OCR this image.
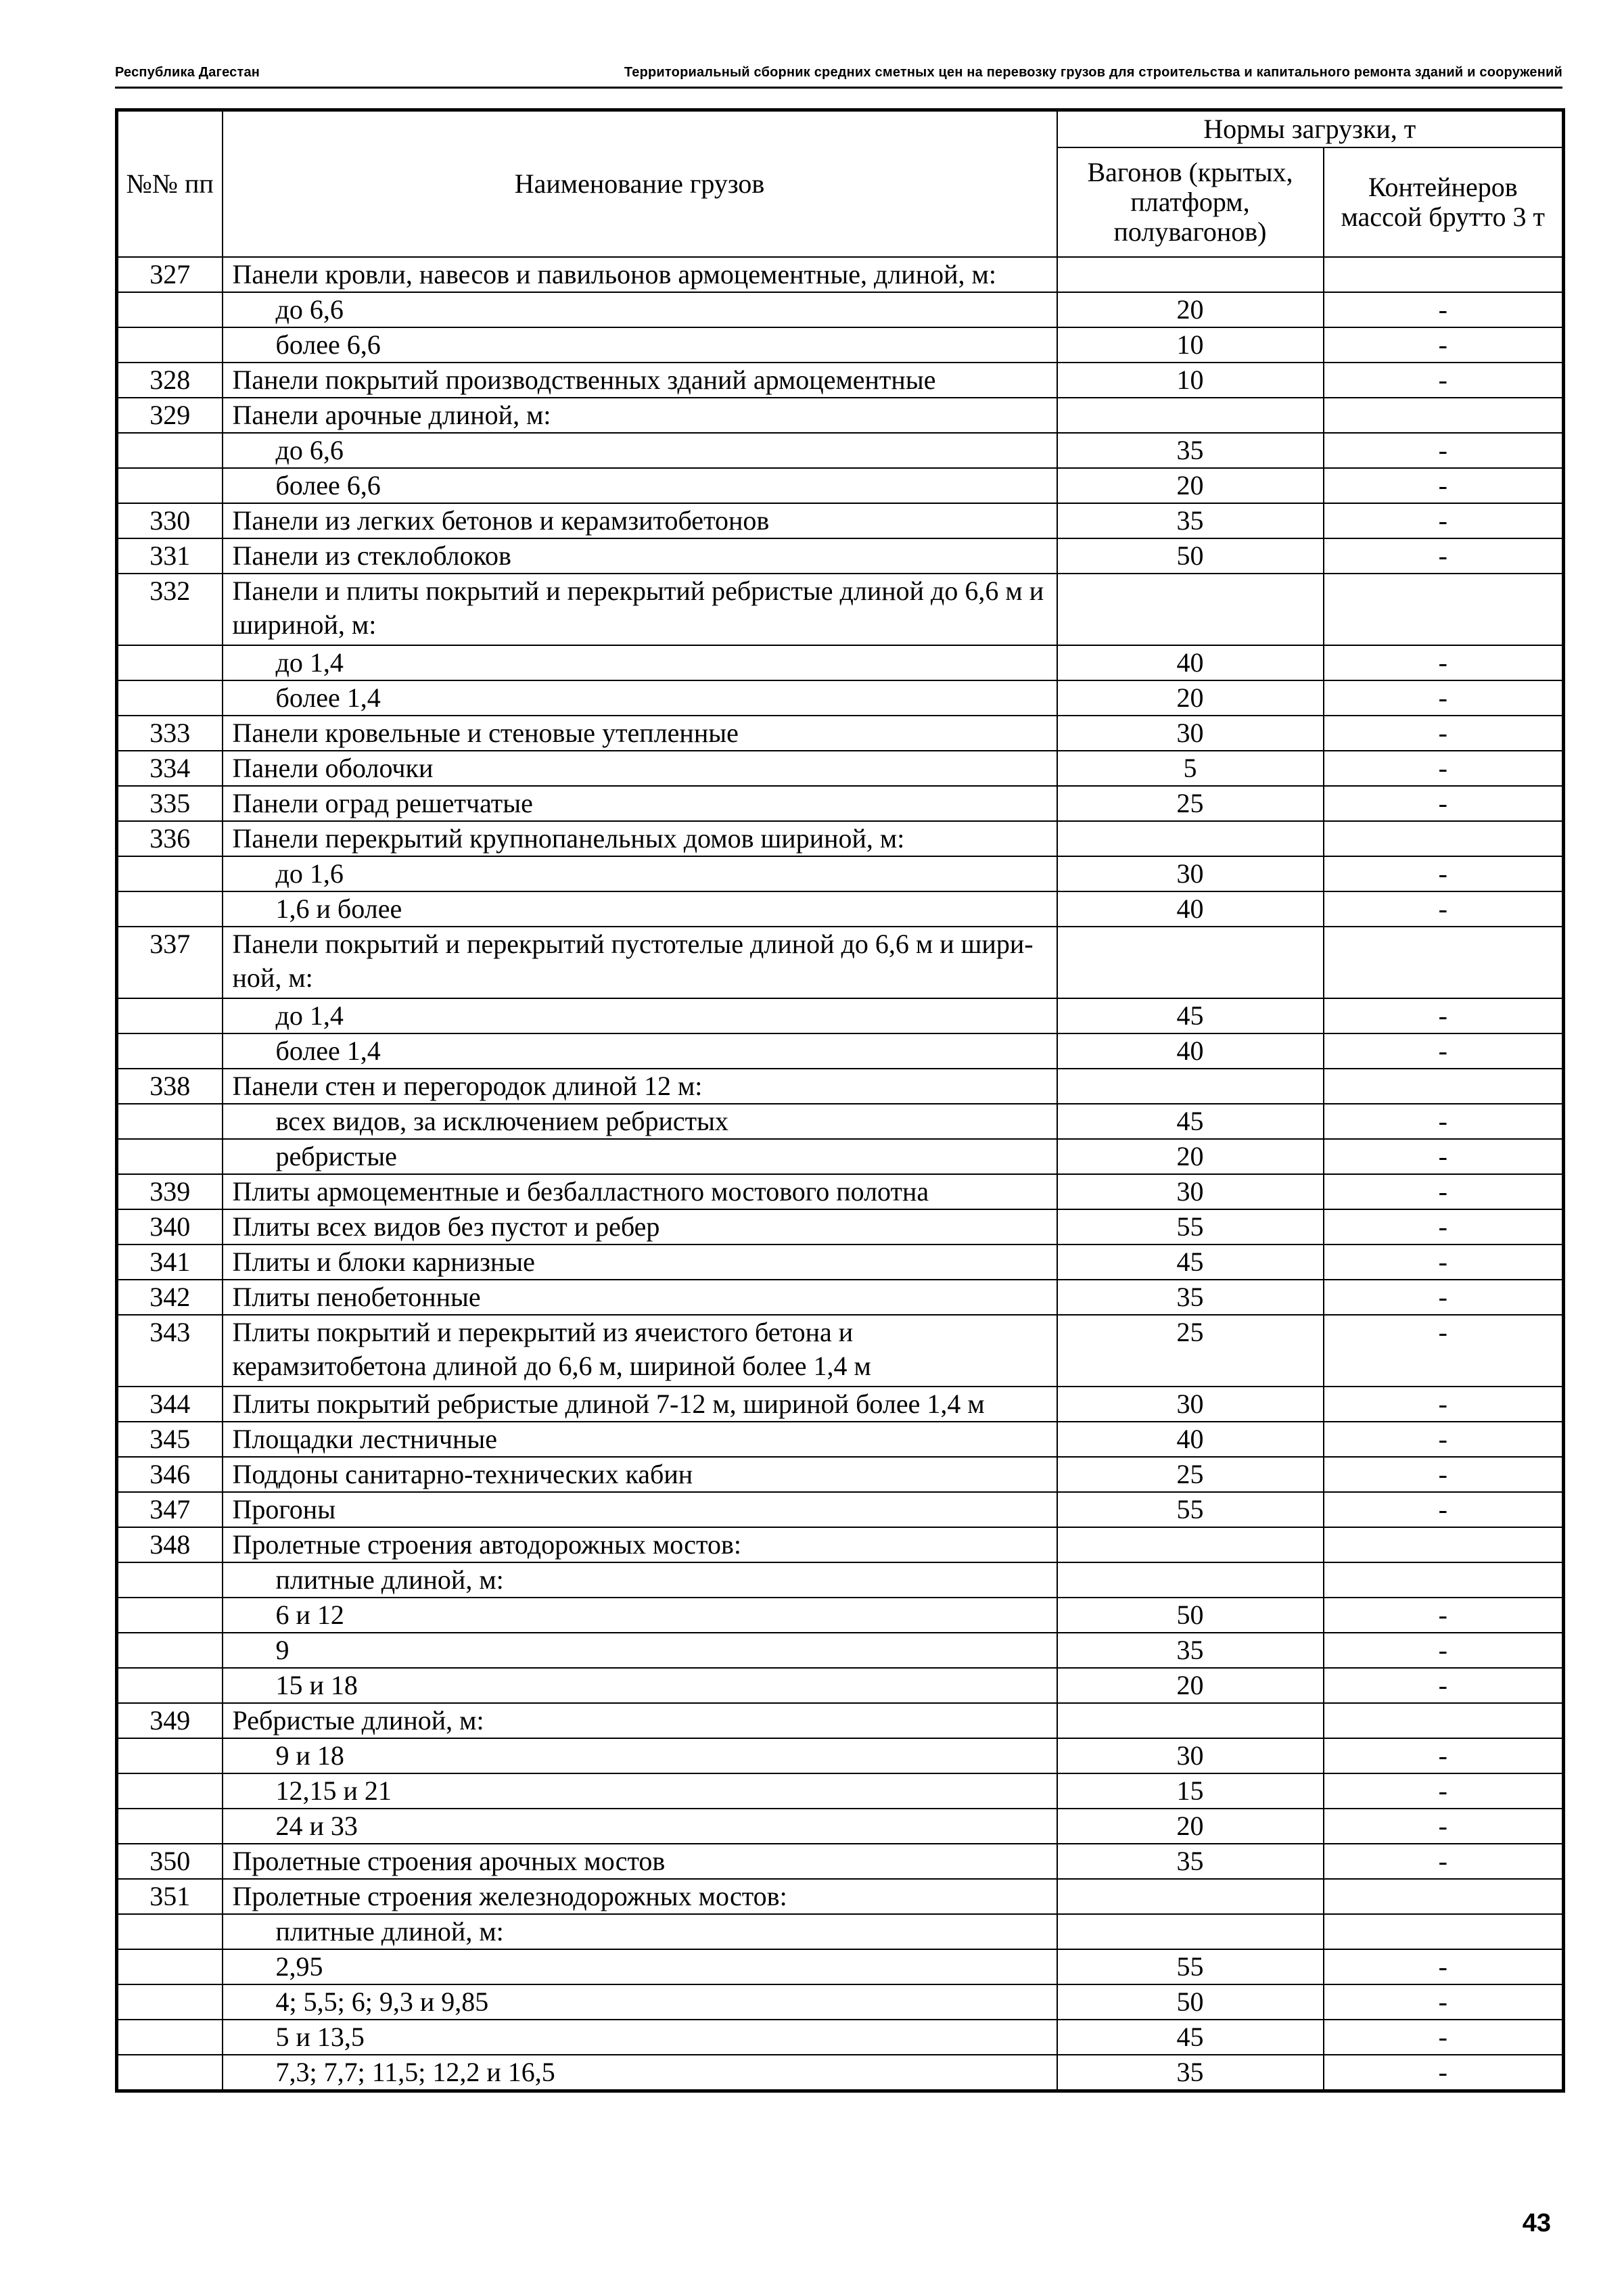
Республика Дагестан	Территориальный сборник средних сметных цен на перевозку грузов для строительства и капитального ремонта зданий и сооружений
№№ пп	Наименование грузов	Нормы загрузки, т	
		Вагонов (крытых, платформ, полувагонов)	Контейнеров массой брутто 3 т
327	Панели кровли, навесов и павильонов армоцементные, длиной, м:		
	до 6,6	20	-
	более 6,6	10	-
328	Панели покрытий производственных зданий армоцементные	10	-
329	Панели арочные длиной, м:		
	до 6,6	35	-
	более 6,6	20	-
330	Панели из легких бетонов и керамзитобетонов	35	-
331	Панели из стеклоблоков	50	-
332	Панели и плиты покрытий и перекрытий ребристые длиной до 6,6 м и шириной, м:		
	до 1,4	40	-
	более 1,4	20	-
333	Панели кровельные и стеновые утепленные	30	-
334	Панели оболочки	5	-
335	Панели оград решетчатые	25	-
336	Панели перекрытий крупнопанельных домов шириной, м:		
	до 1,6	30	-
	1,6 и более	40	-
337	Панели покрытий и перекрытий пустотелые длиной до 6,6 м и шири-ной, м:		
	до 1,4	45	-
	более 1,4	40	-
338	Панели стен и перегородок длиной 12 м:		
	всех видов, за исключением ребристых	45	-
	ребристые	20	-
339	Плиты армоцементные и безбалластного мостового полотна	30	-
340	Плиты всех видов без пустот и ребер	55	-
341	Плиты и блоки карнизные	45	-
342	Плиты пенобетонные	35	-
343	Плиты покрытий и перекрытий из ячеистого бетона и керамзитобетона длиной до 6,6 м, шириной более 1,4 м	25	-
344	Плиты покрытий ребристые длиной 7-12 м, шириной более 1,4 м	30	-
345	Площадки лестничные	40	-
346	Поддоны санитарно-технических кабин	25	-
347	Прогоны	55	-
348	Пролетные строения автодорожных мостов:		
	плитные длиной, м:		
	6 и 12	50	-
	9	35	-
	15 и 18	20	-
349	Ребристые длиной, м:		
	9 и 18	30	-
	12,15 и 21	15	-
	24 и 33	20	-
350	Пролетные строения арочных мостов	35	-
351	Пролетные строения железнодорожных мостов:		
	плитные длиной, м:		
	2,95	55	-
	4; 5,5; 6; 9,3 и 9,85	50	-
	5 и 13,5	45	-
	7,3; 7,7; 11,5; 12,2 и 16,5	35	-
43
